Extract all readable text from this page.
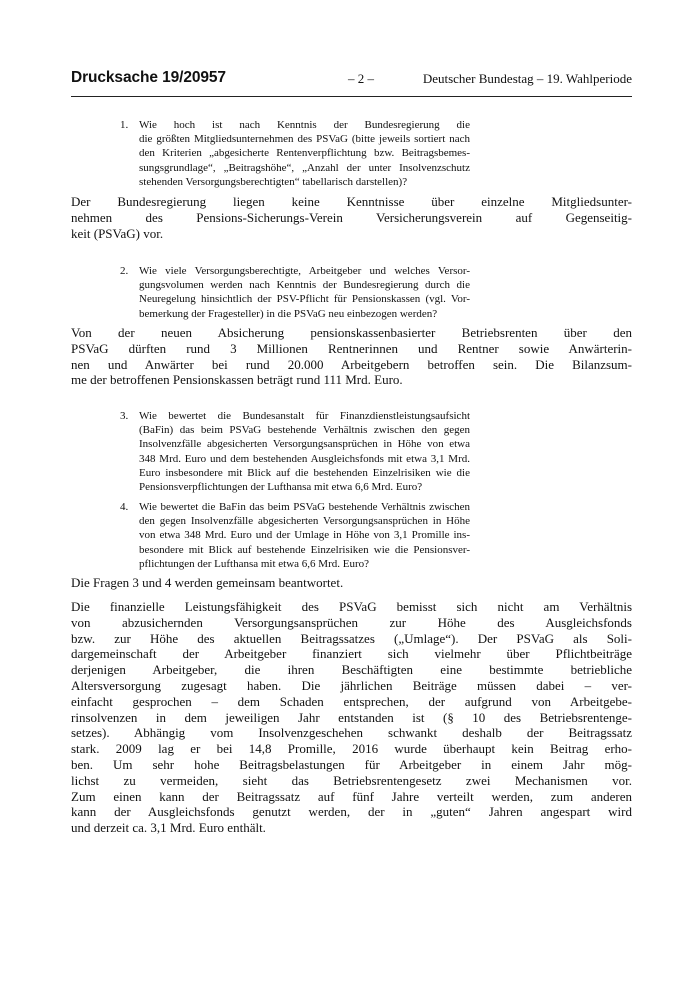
Drucksache 19/20957	– 2 –	Deutscher Bundestag – 19. Wahlperiode
1. Wie hoch ist nach Kenntnis der Bundesregierung die
die größten Mitgliedsunternehmen des PSVaG (bitte jeweils sortiert nach
den Kriterien „abgesicherte Rentenverpflichtung bzw. Beitragsbemes-
sungsgrundlage“, „Beitragshöhe“, „Anzahl der unter Insolvenzschutz
stehenden Versorgungsberechtigten“ tabellarisch darstellen)?

Der Bundesregierung liegen keine Kenntnisse über einzelne Mitgliedsunter-
nehmen des Pensions-Sicherungs-Verein Versicherungsverein auf Gegenseitig-
keit (PSVaG) vor.

2. Wie viele Versorgungsberechtigte, Arbeitgeber und welches Versor-
gungsvolumen werden nach Kenntnis der Bundesregierung durch die
Neuregelung hinsichtlich der PSV-Pflicht für Pensionskassen (vgl. Vor-
bemerkung der Fragesteller) in die PSVaG neu einbezogen werden?

Von der neuen Absicherung pensionskassenbasierter Betriebsrenten über den
PSVaG dürften rund 3 Millionen Rentnerinnen und Rentner sowie Anwärterin-
nen und Anwärter bei rund 20.000 Arbeitgebern betroffen sein. Die Bilanzsum-
me der betroffenen Pensionskassen beträgt rund 111 Mrd. Euro.

3. Wie bewertet die Bundesanstalt für Finanzdienstleistungsaufsicht
(BaFin) das beim PSVaG bestehende Verhältnis zwischen den gegen
Insolvenzfälle abgesicherten Versorgungsansprüchen in Höhe von etwa
348 Mrd. Euro und dem bestehenden Ausgleichsfonds mit etwa 3,1 Mrd.
Euro insbesondere mit Blick auf die bestehenden Einzelrisiken wie die
Pensionsverpflichtungen der Lufthansa mit etwa 6,6 Mrd. Euro?
4. Wie bewertet die BaFin das beim PSVaG bestehende Verhältnis zwischen
den gegen Insolvenzfälle abgesicherten Versorgungsansprüchen in Höhe
von etwa 348 Mrd. Euro und der Umlage in Höhe von 3,1 Promille ins-
besondere mit Blick auf bestehende Einzelrisiken wie die Pensionsver-
pflichtungen der Lufthansa mit etwa 6,6 Mrd. Euro?

Die Fragen 3 und 4 werden gemeinsam beantwortet.

Die finanzielle Leistungsfähigkeit des PSVaG bemisst sich nicht am Verhältnis
von abzusichernden Versorgungsansprüchen zur Höhe des Ausgleichsfonds
bzw. zur Höhe des aktuellen Beitragssatzes („Umlage“). Der PSVaG als Soli-
dargemeinschaft der Arbeitgeber finanziert sich vielmehr über Pflichtbeiträge
derjenigen Arbeitgeber, die ihren Beschäftigten eine bestimmte betriebliche
Altersversorgung zugesagt haben. Die jährlichen Beiträge müssen dabei – ver-
einfacht gesprochen – dem Schaden entsprechen, der aufgrund von Arbeitgebe-
rinsolvenzen in dem jeweiligen Jahr entstanden ist (§ 10 des Betriebsrentenge-
setzes). Abhängig vom Insolvenzgeschehen schwankt deshalb der Beitragssatz
stark. 2009 lag er bei 14,8 Promille, 2016 wurde überhaupt kein Beitrag erho-
ben. Um sehr hohe Beitragsbelastungen für Arbeitgeber in einem Jahr mög-
lichst zu vermeiden, sieht das Betriebsrentengesetz zwei Mechanismen vor.
Zum einen kann der Beitragssatz auf fünf Jahre verteilt werden, zum anderen
kann der Ausgleichsfonds genutzt werden, der in „guten“ Jahren angespart wird
und derzeit ca. 3,1 Mrd. Euro enthält.
